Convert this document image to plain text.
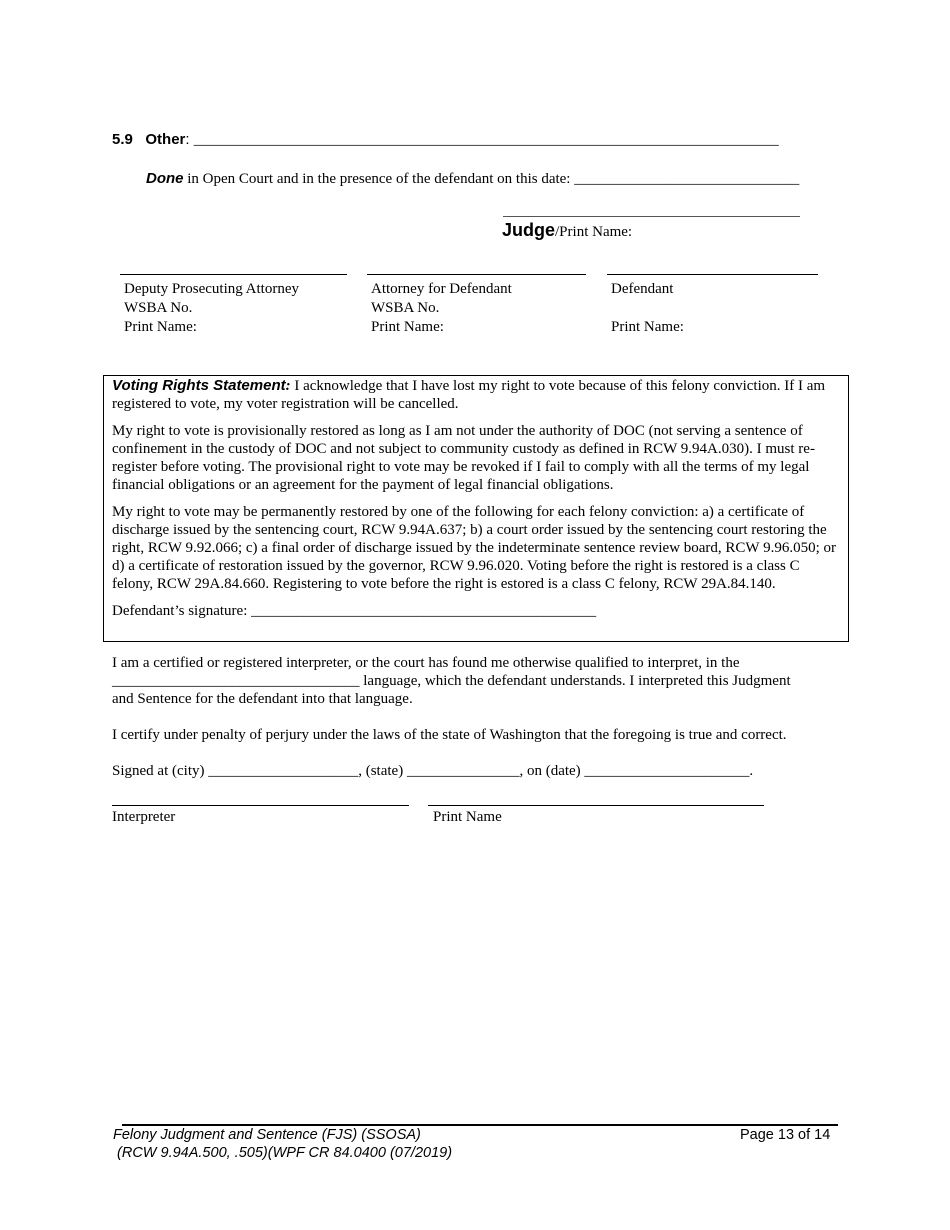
5.9 Other: ______________________________________________________________________________
Done in Open Court and in the presence of the defendant on this date: ______________________________
Judge/Print Name:
Deputy Prosecuting Attorney
WSBA No.
Print Name:
Attorney for Defendant
WSBA No.
Print Name:
Defendant
Print Name:

Voting Rights Statement: I acknowledge that I have lost my right to vote because of this felony conviction. If I am registered to vote, my voter registration will be cancelled.

My right to vote is provisionally restored as long as I am not under the authority of DOC (not serving a sentence of confinement in the custody of DOC and not subject to community custody as defined in RCW 9.94A.030). I must re-register before voting. The provisional right to vote may be revoked if I fail to comply with all the terms of my legal financial obligations or an agreement for the payment of legal financial obligations.

My right to vote may be permanently restored by one of the following for each felony conviction: a) a certificate of discharge issued by the sentencing court, RCW 9.94A.637; b) a court order issued by the sentencing court restoring the right, RCW 9.92.066; c) a final order of discharge issued by the indeterminate sentence review board, RCW 9.96.050; or d) a certificate of restoration issued by the governor, RCW 9.96.020. Voting before the right is restored is a class C felony, RCW 29A.84.660. Registering to vote before the right is estored is a class C felony, RCW 29A.84.140.

Defendant’s signature: ______________________________________________

I am a certified or registered interpreter, or the court has found me otherwise qualified to interpret, in the
_________________________________ language, which the defendant understands. I interpreted this Judgment
and Sentence for the defendant into that language.
I certify under penalty of perjury under the laws of the state of Washington that the foregoing is true and correct.
Signed at (city) ____________________, (state) _______________, on (date) ______________________.
Interpreter	Print Name
Felony Judgment and Sentence (FJS) (SSOSA)
(RCW 9.94A.500, .505)(WPF CR 84.0400 (07/2019)
Page 13 of 14
